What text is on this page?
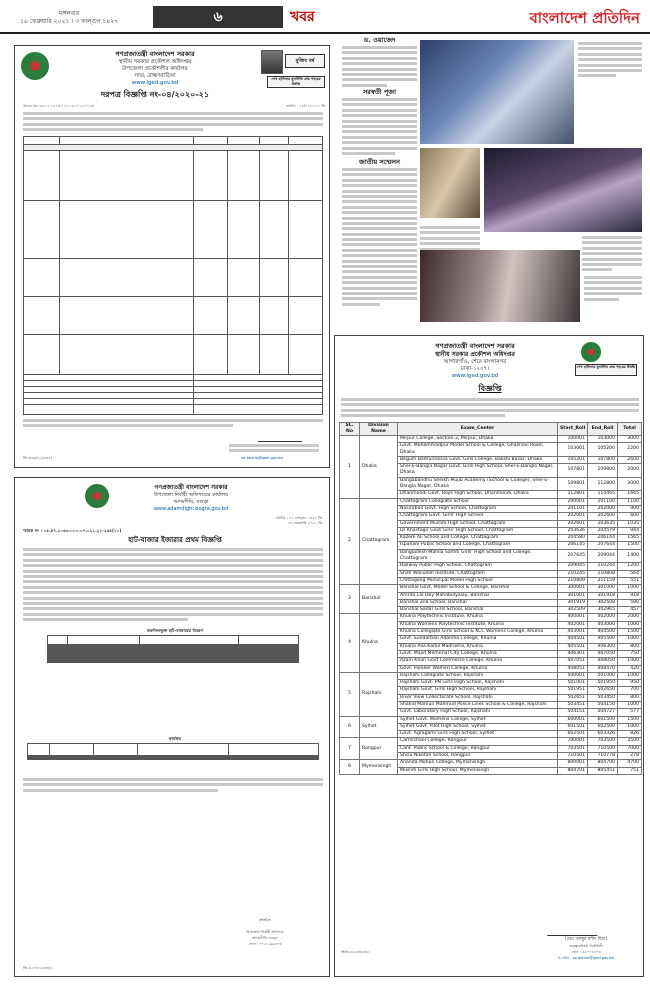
মঙ্গলবার
১৬ ফেব্রুয়ারি ২০২১ । ৩ ফাল্গুন ১৪২৭	৬	খবর	বাংলাদেশ প্রতিদিন
গণপ্রজাতন্ত্রী বাংলাদেশ সরকার
স্থানীয় সরকার প্রকৌশল অধিদপ্তর
উপজেলা প্রকৌশলীর কার্যালয়
সদর, ব্রাহ্মণবাড়িয়া
www.lged.gov.bd
মুজিব বর্ষ
শেখ হাসিনার মূলনীতি গ্রাম শহরের উন্নতি
দরপত্র বিজ্ঞপ্তি নং-০৪/২০২০-২১
স্মারক নং- ৪৬.০২.১২১৩.০০০.১৪.৭০২.২০-২৩	তারিখ : ১৪/০২/২০২১ খ্রি

জি-৩৫৬/২১(৪×৪)	ue.bbaria@lged.gov.bd
গণপ্রজাতন্ত্রী বাংলাদেশ সরকার
উপজেলা নির্বাহী অফিসারের কার্যালয়
আদমদীঘি, বগুড়া
www.adamdighi.bogra.gov.bd
তারিখ : ০২ ফাল্গুন ১৪২৭ খ্রি.
১৪ ফেব্রুয়ারি ২০২১ খ্রি.
স্মারক নং : ০৫.৪৭.১০৬৩.০০০.০৭.০২১.২১-২৯৪(১০)
হাট-বাজার ইজারার প্রথম বিজ্ঞপ্তি
তফসিলভুক্ত হাট-বাজারের বিবরণ

কার্যক্রম

স্বাক্ষরিত
উপজেলা নির্বাহী অফিসার
আদমদীঘি, বগুড়া
ফোন : ০৭২১-৬৬৩০৩
জি-৩২০/২১(৪×৪)
ড. ওয়াজেদ
সরস্বতী পূজা
জাতীয় সম্মেলন
গণপ্রজাতন্ত্রী বাংলাদেশ সরকার
স্থানীয় সরকার প্রকৌশল অধিদপ্তর
আগারগাঁও, শেরে বাংলানগর
ঢাকা-১২০৭।
www.lged.gov.bd
শেখ হাসিনার মূলনীতি গ্রাম শহরের উন্নতি
বিজ্ঞপ্তি
SL. No	Division Name	Exam_Center	Start_Roll	End_Roll	Total
1	Dhaka	Mirpur College, Section-2, Mirpur, Dhaka	100001	103000	3000
		Govt. Mohammadpur Model School & College, Ghaznavi Road, Dhaka	103001	105200	2200
		Begum Badrunnessa Govt. Girls College, Bakshi Bazar, Dhaka	105201	107800	2600
		Sher-E-Bangla Nagar Govt. Girls High School, Sher-E-Bangla Nagar, Dhaka	107801	109800	2000
		Bangabandhu Sheikh Mujib Academy (School & College), Sher-E-Bangla Nagar, Dhaka	109801	112800	3000
		Dhanmondi Govt. Boys High School, Dhanmondi, Dhaka	112801	114465	1665
2	Chattogram	Chattogram Collegiate School	200001	201100	1100
		Nasirabad Govt. High School, Chattogram	201101	202000	900
		Chattogram Govt. Girls' High School	202001	202600	600
		Government Muslim High School, Chattogram	202601	203635	1035
		Dr Khastagir Govt Girls' High School, Chattogram	203636	204579	944
		Kazem Ali School and College, Chattogram	204580	206144	1565
		Ispahani Public School and College, Chattogram	206145	207644	1500
		Bangladesh Mahila Samiti Girls' High School and College, Chattogram	207645	209044	1400
		Railway Public High School, Chattogram	209045	210244	1200
		Shah Waliullah Institute, Chattogram	210245	210808	564
		Chittagong Municipal Model High School	210809	211159	551
3	Barishal	Barishal Govt. Model School & College, Barishal	300001	301000	1000
		Amrito Lal Dey Mahabidyalay, Barishal	301001	301918	918
		Barishal Zila School, Barishal	301919	302508	590
		Barishal Sadar Girls School, Barishal	302509	302965	457
4	Khulna	Khulna Polytechnic Institute, Khulna	400001	402000	2000
		Khulna Womens Polytechnic Institute, Khulna	402001	403000	1000
		Khulna Collegiate Girls School & KCC Womens College, Khulna	403001	404500	1500
		Govt. Sundarban Adarsha College, Khulna	404501	405500	1000
		Khulna Alia Kamil Madrasha, Khulna	405501	406300	800
		Govt. Majid Memorial City College, Khulna	406301	407050	750
		Azam Khan Govt Commerce College, Khulna	407051	408050	1000
		Govt. Pioneer Women College, Khulna	408051	408470	420
5	Rajshahi	Rajshahi Collegiate School, Rajshahi	500001	501000	1000
		Rajshahi Govt. PN Girls High School, Rajshahi	501001	501950	950
		Rajshahi Govt. Girls High School, Rajshahi	501951	502650	700
		River View Collectorate School, Rajshahi	502651	503450	800
		Shahid Mamun Mahmud Police Lines School & College, Rajshahi	503451	504150	1000
		Govt. Laboratory High School, Rajshahi	504151	504727	577
6	Sylhet	Sylhet Govt. Womens College, Sylhet	600001	601500	1500
		Sylhet Govt. Pilot High School, Sylhet	601501	602500	1000
		Govt. Agragami Girls High School, Sylhet	602501	603326	826
7	Rangpur	Carmichael College, Rangpur	700001	703500	3500
		Cant. Public School & College, Rangpur	703501	710500	7000
		Shisu Niketon School, Rangpur	710501	710778	278
8	Mymensingh	Ananda Mohon College, Mymensingh	800001	804700	4700
		Muslim Girls High School, Mymensingh	804701	805451	751
(মোঃ আব্দুর রশীদ মিয়া)
তত্ত্বাবধায়ক প্রকৌশলী
ফোন : ৫৫০০৭৫০৩
ই-মেইল : se.admin@lged.gov.bd
জিডি-৩২৫৩(৪×৫)
